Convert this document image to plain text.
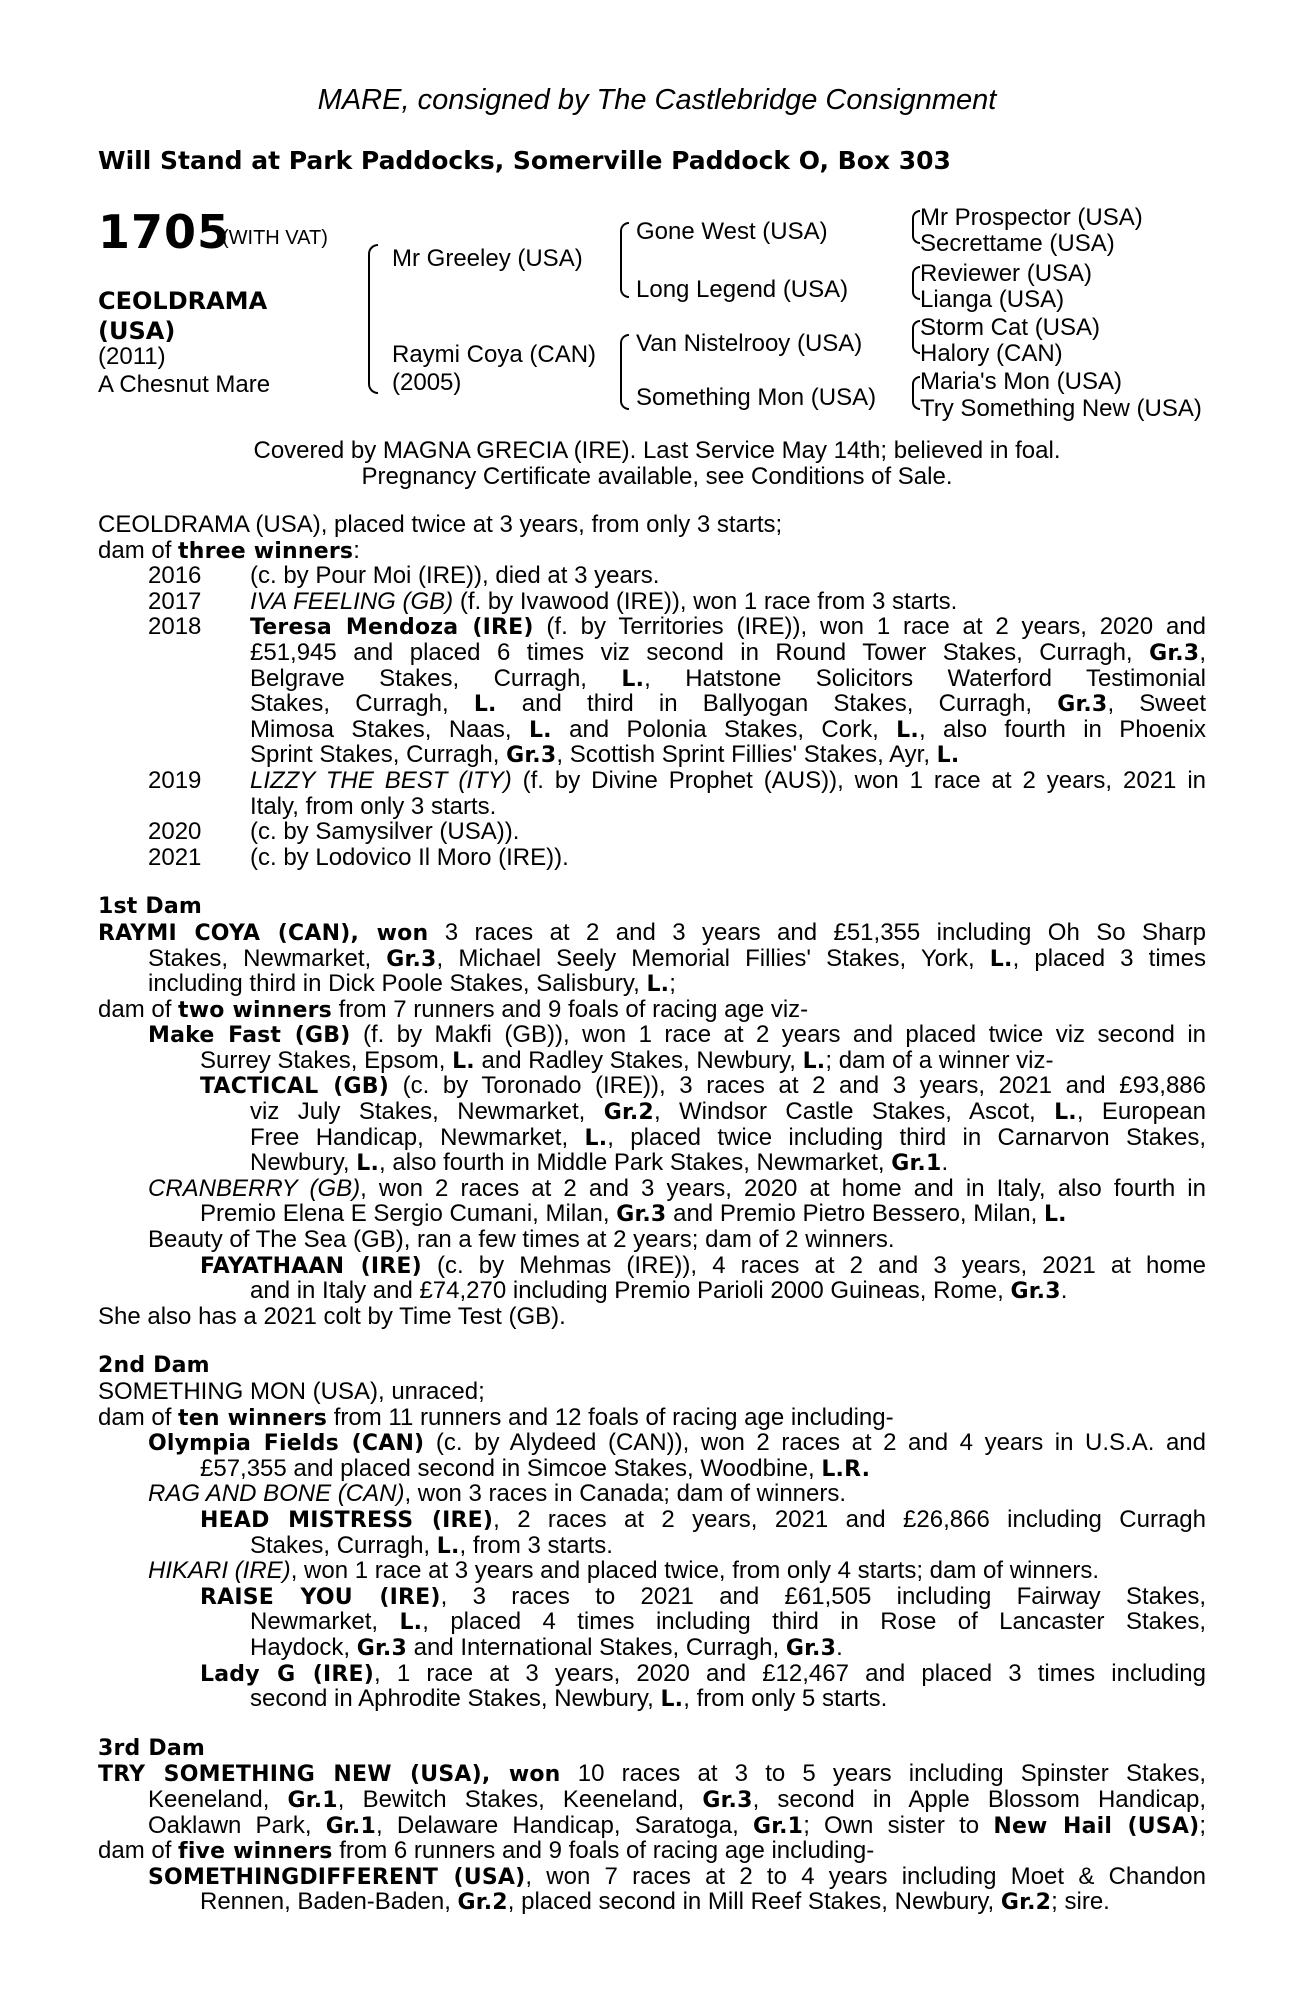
MARE, consigned by The Castlebridge Consignment
Will Stand at Park Paddocks, Somerville Paddock O, Box 303
1705
(WITH VAT)
CEOLDRAMA
(USA)
(2011)
A Chesnut Mare
Mr Greeley (USA)
Raymi Coya (CAN)
(2005)
Gone West (USA)
Long Legend (USA)
Van Nistelrooy (USA)
Something Mon (USA)
Mr Prospector (USA)
Secrettame (USA)
Reviewer (USA)
Lianga (USA)
Storm Cat (USA)
Halory (CAN)
Maria's Mon (USA)
Try Something New (USA)
Covered by MAGNA GRECIA (IRE). Last Service May 14th; believed in foal.
Pregnancy Certificate available, see Conditions of Sale.
CEOLDRAMA (USA), placed twice at 3 years, from only 3 starts;
dam of three winners:
2016 (c. by Pour Moi (IRE)), died at 3 years.
2017 IVA FEELING (GB) (f. by Ivawood (IRE)), won 1 race from 3 starts.
2018 Teresa Mendoza (IRE) (f. by Territories (IRE)), won 1 race at 2 years, 2020 and
£51,945 and placed 6 times viz second in Round Tower Stakes, Curragh, Gr.3,
Belgrave Stakes, Curragh, L., Hatstone Solicitors Waterford Testimonial
Stakes, Curragh, L. and third in Ballyogan Stakes, Curragh, Gr.3, Sweet
Mimosa Stakes, Naas, L. and Polonia Stakes, Cork, L., also fourth in Phoenix
Sprint Stakes, Curragh, Gr.3, Scottish Sprint Fillies' Stakes, Ayr, L.
2019 LIZZY THE BEST (ITY) (f. by Divine Prophet (AUS)), won 1 race at 2 years, 2021 in
Italy, from only 3 starts.
2020 (c. by Samysilver (USA)).
2021 (c. by Lodovico Il Moro (IRE)).
1st Dam
RAYMI COYA (CAN), won 3 races at 2 and 3 years and £51,355 including Oh So Sharp
Stakes, Newmarket, Gr.3, Michael Seely Memorial Fillies' Stakes, York, L., placed 3 times
including third in Dick Poole Stakes, Salisbury, L.;
dam of two winners from 7 runners and 9 foals of racing age viz-
Make Fast (GB) (f. by Makfi (GB)), won 1 race at 2 years and placed twice viz second in
Surrey Stakes, Epsom, L. and Radley Stakes, Newbury, L.; dam of a winner viz-
TACTICAL (GB) (c. by Toronado (IRE)), 3 races at 2 and 3 years, 2021 and £93,886
viz July Stakes, Newmarket, Gr.2, Windsor Castle Stakes, Ascot, L., European
Free Handicap, Newmarket, L., placed twice including third in Carnarvon Stakes,
Newbury, L., also fourth in Middle Park Stakes, Newmarket, Gr.1.
CRANBERRY (GB), won 2 races at 2 and 3 years, 2020 at home and in Italy, also fourth in
Premio Elena E Sergio Cumani, Milan, Gr.3 and Premio Pietro Bessero, Milan, L.
Beauty of The Sea (GB), ran a few times at 2 years; dam of 2 winners.
FAYATHAAN (IRE) (c. by Mehmas (IRE)), 4 races at 2 and 3 years, 2021 at home
and in Italy and £74,270 including Premio Parioli 2000 Guineas, Rome, Gr.3.
She also has a 2021 colt by Time Test (GB).
2nd Dam
SOMETHING MON (USA), unraced;
dam of ten winners from 11 runners and 12 foals of racing age including-
Olympia Fields (CAN) (c. by Alydeed (CAN)), won 2 races at 2 and 4 years in U.S.A. and
£57,355 and placed second in Simcoe Stakes, Woodbine, L.R.
RAG AND BONE (CAN), won 3 races in Canada; dam of winners.
HEAD MISTRESS (IRE), 2 races at 2 years, 2021 and £26,866 including Curragh
Stakes, Curragh, L., from 3 starts.
HIKARI (IRE), won 1 race at 3 years and placed twice, from only 4 starts; dam of winners.
RAISE YOU (IRE), 3 races to 2021 and £61,505 including Fairway Stakes,
Newmarket, L., placed 4 times including third in Rose of Lancaster Stakes,
Haydock, Gr.3 and International Stakes, Curragh, Gr.3.
Lady G (IRE), 1 race at 3 years, 2020 and £12,467 and placed 3 times including
second in Aphrodite Stakes, Newbury, L., from only 5 starts.
3rd Dam
TRY SOMETHING NEW (USA), won 10 races at 3 to 5 years including Spinster Stakes,
Keeneland, Gr.1, Bewitch Stakes, Keeneland, Gr.3, second in Apple Blossom Handicap,
Oaklawn Park, Gr.1, Delaware Handicap, Saratoga, Gr.1; Own sister to New Hail (USA);
dam of five winners from 6 runners and 9 foals of racing age including-
SOMETHINGDIFFERENT (USA), won 7 races at 2 to 4 years including Moet & Chandon
Rennen, Baden-Baden, Gr.2, placed second in Mill Reef Stakes, Newbury, Gr.2; sire.
